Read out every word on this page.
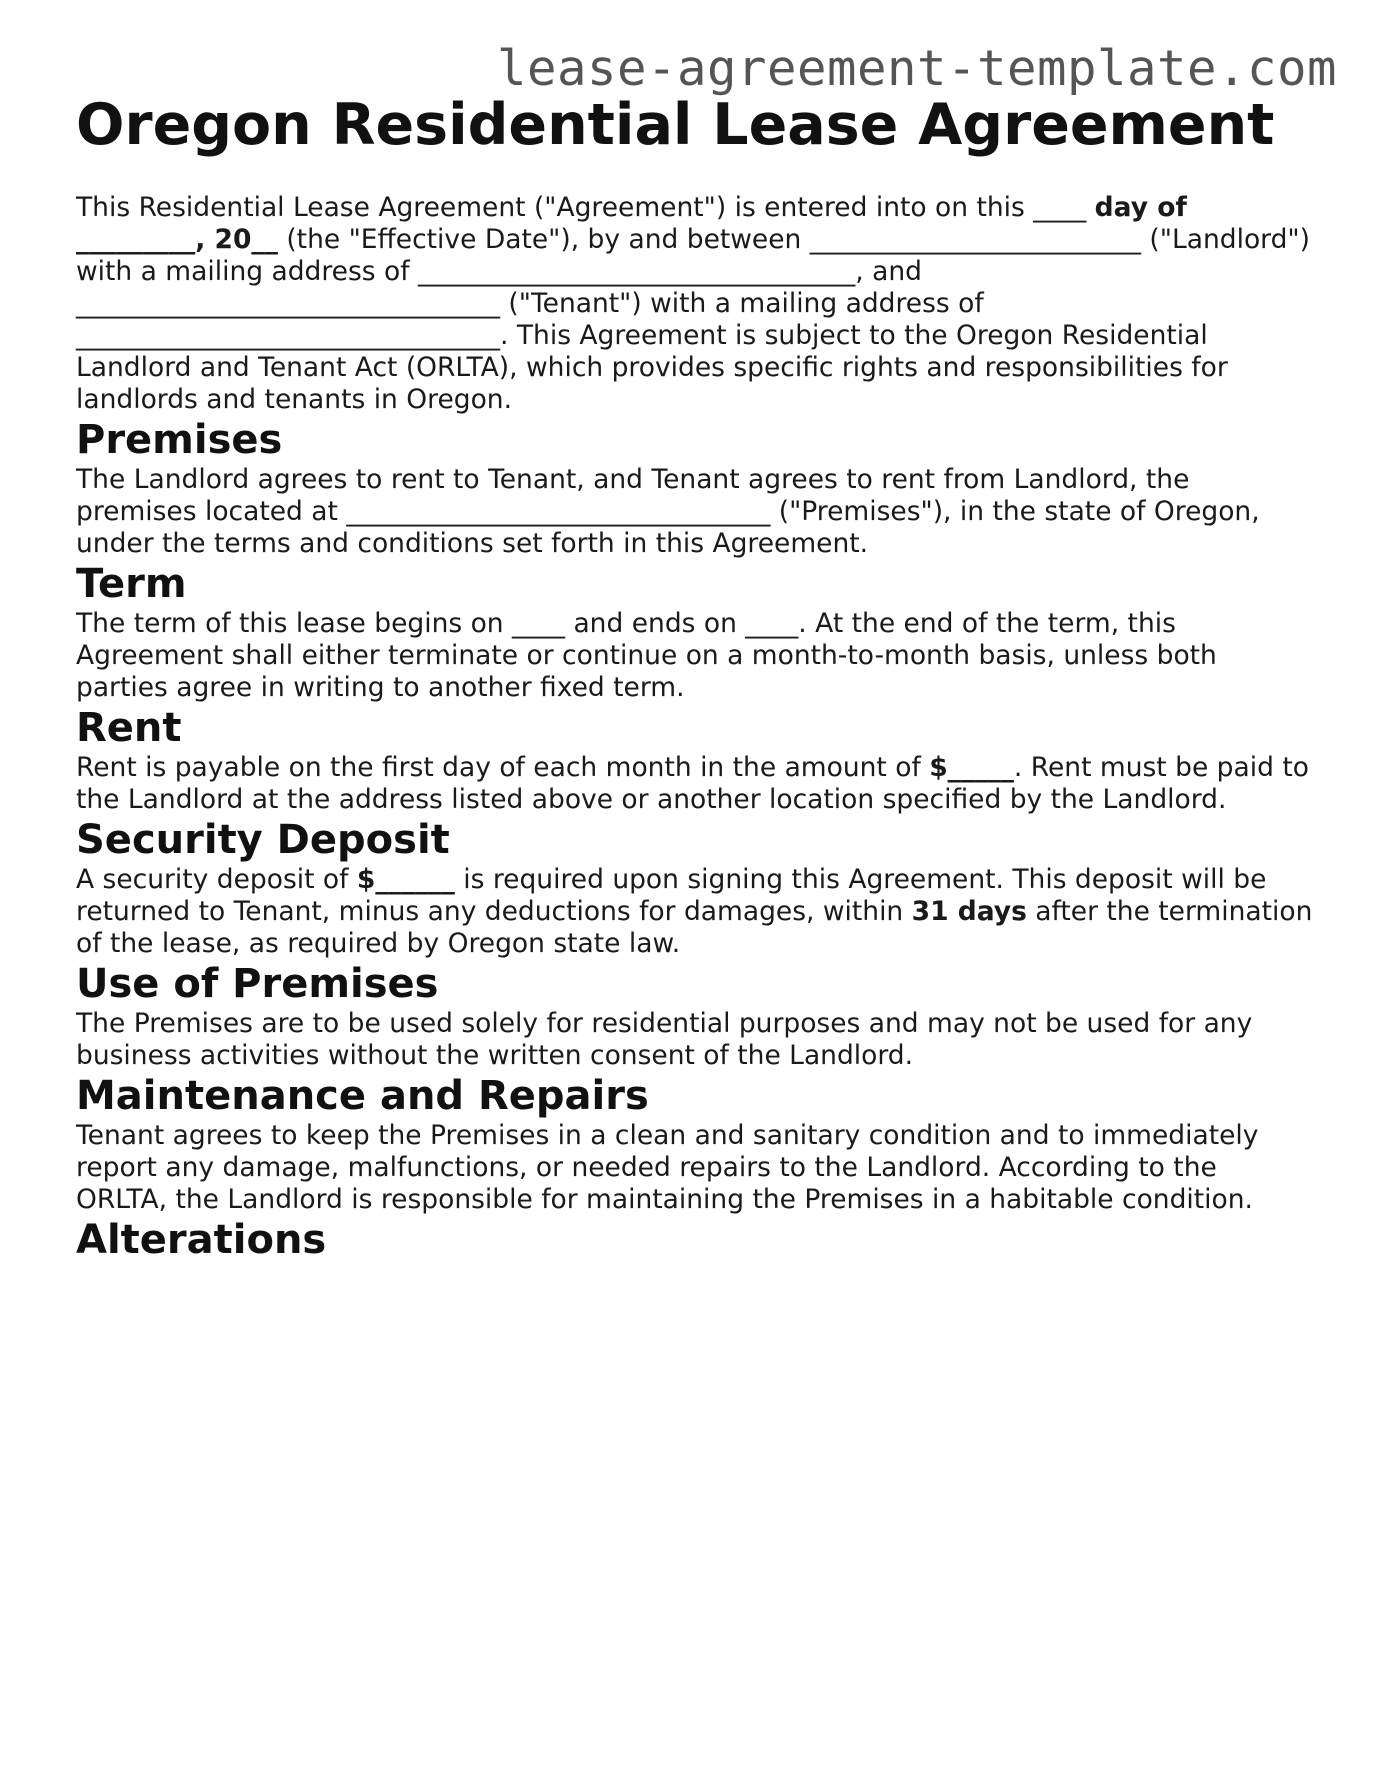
lease-agreement-template.com
Oregon Residential Lease Agreement

This Residential Lease Agreement ("Agreement") is entered into on this ____ day of _________, 20__ (the "Effective Date"), by and between _________________________ ("Landlord") with a mailing address of _________________________________, and ________________________________ ("Tenant") with a mailing address of ________________________________. This Agreement is subject to the Oregon Residential Landlord and Tenant Act (ORLTA), which provides specific rights and responsibilities for landlords and tenants in Oregon.

Premises

The Landlord agrees to rent to Tenant, and Tenant agrees to rent from Landlord, the premises located at ________________________________ ("Premises"), in the state of Oregon, under the terms and conditions set forth in this Agreement.

Term

The term of this lease begins on ____ and ends on ____. At the end of the term, this Agreement shall either terminate or continue on a month-to-month basis, unless both parties agree in writing to another fixed term.

Rent

Rent is payable on the first day of each month in the amount of $_____. Rent must be paid to the Landlord at the address listed above or another location specified by the Landlord.

Security Deposit

A security deposit of $______ is required upon signing this Agreement. This deposit will be returned to Tenant, minus any deductions for damages, within 31 days after the termination of the lease, as required by Oregon state law.

Use of Premises

The Premises are to be used solely for residential purposes and may not be used for any business activities without the written consent of the Landlord.

Maintenance and Repairs

Tenant agrees to keep the Premises in a clean and sanitary condition and to immediately report any damage, malfunctions, or needed repairs to the Landlord. According to the ORLTA, the Landlord is responsible for maintaining the Premises in a habitable condition.

Alterations
